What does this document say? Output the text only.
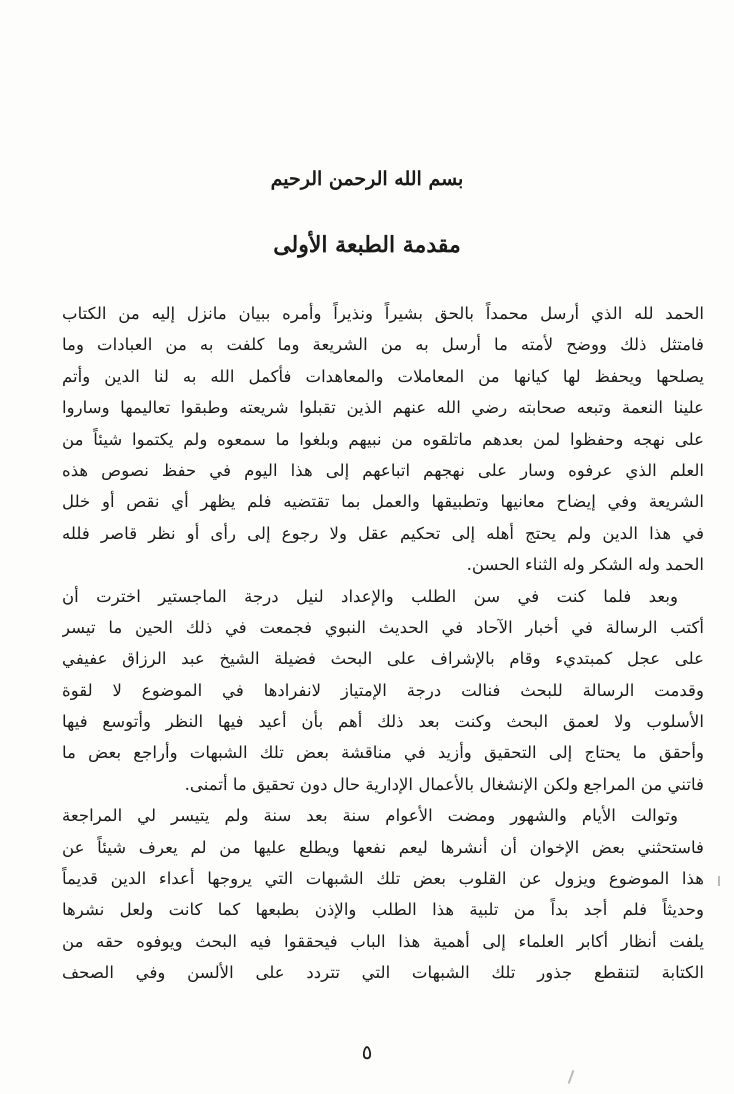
بسم الله الرحمن الرحيم
مقدمة الطبعة الأولى
الحمد لله الذي أرسل محمداً بالحق بشيراً ونذيراً وأمره ببيان مانزل إليه من الكتاب
فامتثل ذلك ووضح لأمته ما أرسل به من الشريعة وما كلفت به من العبادات وما
يصلحها ويحفظ لها كيانها من المعاملات والمعاهدات فأكمل الله به لنا الدين وأتم
علينا النعمة وتبعه صحابته رضي الله عنهم الذين تقبلوا شريعته وطبقوا تعاليمها وساروا
على نهجه وحفظوا لمن بعدهم ماتلقوه من نبيهم وبلغوا ما سمعوه ولم يكتموا شيئاً من
العلم الذي عرفوه وسار على نهجهم اتباعهم إلى هذا اليوم في حفظ نصوص هذه
الشريعة وفي إيضاح معانيها وتطبيقها والعمل بما تقتضيه فلم يظهر أي نقص أو خلل
في هذا الدين ولم يحتج أهله إلى تحكيم عقل ولا رجوع إلى رأى أو نظر قاصر فلله
الحمد وله الشكر وله الثناء الحسن.
وبعد فلما كنت في سن الطلب والإعداد لنيل درجة الماجستير اخترت أن
أكتب الرسالة في أخبار الآحاد في الحديث النبوي فجمعت في ذلك الحين ما تيسر
على عجل كمبتديء وقام بالإشراف على البحث فضيلة الشيخ عبد الرزاق عفيفي
وقدمت الرسالة للبحث فنالت درجة الإمتياز لانفرادها في الموضوع لا لقوة
الأسلوب ولا لعمق البحث وكنت بعد ذلك أهم بأن أعيد فيها النظر وأتوسع فيها
وأحقق ما يحتاج إلى التحقيق وأزيد في مناقشة بعض تلك الشبهات وأراجع بعض ما
فاتني من المراجع ولكن الإنشغال بالأعمال الإدارية حال دون تحقيق ما أتمنى.
وتوالت الأيام والشهور ومضت الأعوام سنة بعد سنة ولم يتيسر لي المراجعة
فاستحثني بعض الإخوان أن أنشرها ليعم نفعها ويطلع عليها من لم يعرف شيئاً عن
هذا الموضوع ويزول عن القلوب بعض تلك الشبهات التي يروجها أعداء الدين قديماً
وحديثاً فلم أجد بداً من تلبية هذا الطلب والإذن بطبعها كما كانت ولعل نشرها
يلفت أنظار أكابر العلماء إلى أهمية هذا الباب فيحققوا فيه البحث ويوفوه حقه من
الكتابة لتنقطع جذور تلك الشبهات التي تتردد على الألسن وفي الصحف
٥
